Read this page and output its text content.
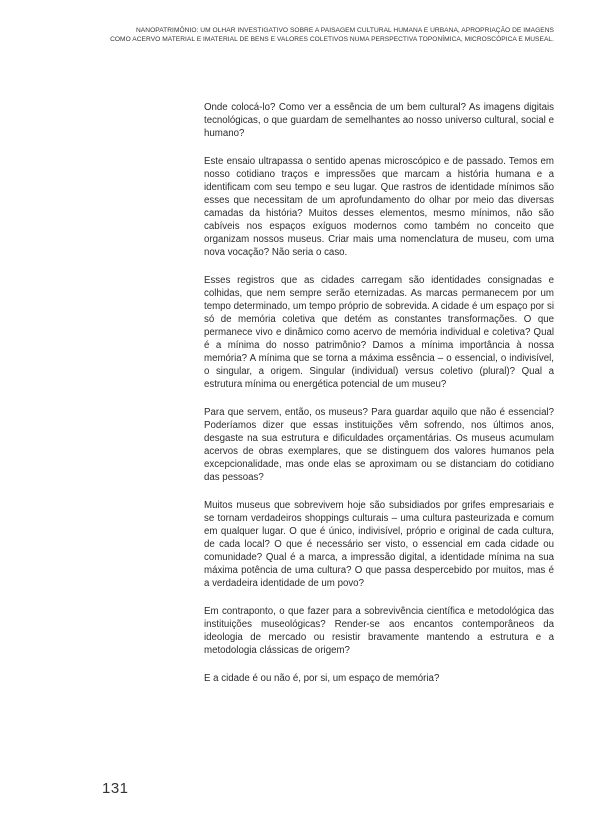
NANOPATRIMÔNIO: UM OLHAR INVESTIGATIVO SOBRE A PAISAGEM CULTURAL HUMANA E URBANA, APROPRIAÇÃO DE IMAGENS
COMO ACERVO MATERIAL E IMATERIAL DE BENS E VALORES COLETIVOS NUMA PERSPECTIVA TOPONÍMICA, MICROSCÓPICA E MUSEAL.

Onde colocá-lo? Como ver a essência de um bem cultural? As imagens digitais tecnológicas, o que guardam de semelhantes ao nosso universo cultural, social e humano?

Este ensaio ultrapassa o sentido apenas microscópico e de passado. Temos em nosso cotidiano traços e impressões que marcam a história humana e a identificam com seu tempo e seu lugar. Que rastros de identidade mínimos são esses que necessitam de um aprofundamento do olhar por meio das diversas camadas da história? Muitos desses elementos, mesmo mínimos, não são cabíveis nos espaços exíguos modernos como também no conceito que organizam nossos museus. Criar mais uma nomenclatura de museu, com uma nova vocação? Não seria o caso.

Esses registros que as cidades carregam são identidades consignadas e colhidas, que nem sempre serão eternizadas. As marcas permanecem por um tempo determinado, um tempo próprio de sobrevida. A cidade é um espaço por si só de memória coletiva que detém as constantes transformações. O que permanece vivo e dinâmico como acervo de memória individual e coletiva? Qual é a mínima do nosso patrimônio? Damos a mínima importância à nossa memória? A mínima que se torna a máxima essência – o essencial, o indivisível, o singular, a origem. Singular (individual) versus coletivo (plural)? Qual a estrutura mínima ou energética potencial de um museu?

Para que servem, então, os museus? Para guardar aquilo que não é essencial? Poderíamos dizer que essas instituições vêm sofrendo, nos últimos anos, desgaste na sua estrutura e dificuldades orçamentárias. Os museus acumulam acervos de obras exemplares, que se distinguem dos valores humanos pela excepcionalidade, mas onde elas se aproximam ou se distanciam do cotidiano das pessoas?

Muitos museus que sobrevivem hoje são subsidiados por grifes empresariais e se tornam verdadeiros shoppings culturais – uma cultura pasteurizada e comum em qualquer lugar. O que é único, indivisível, próprio e original de cada cultura, de cada local? O que é necessário ser visto, o essencial em cada cidade ou comunidade? Qual é a marca, a impressão digital, a identidade mínima na sua máxima potência de uma cultura? O que passa despercebido por muitos, mas é a verdadeira identidade de um povo?

Em contraponto, o que fazer para a sobrevivência científica e metodológica das instituições museológicas? Render-se aos encantos contemporâneos da ideologia de mercado ou resistir bravamente mantendo a estrutura e a metodologia clássicas de origem?

E a cidade é ou não é, por si, um espaço de memória?

131
